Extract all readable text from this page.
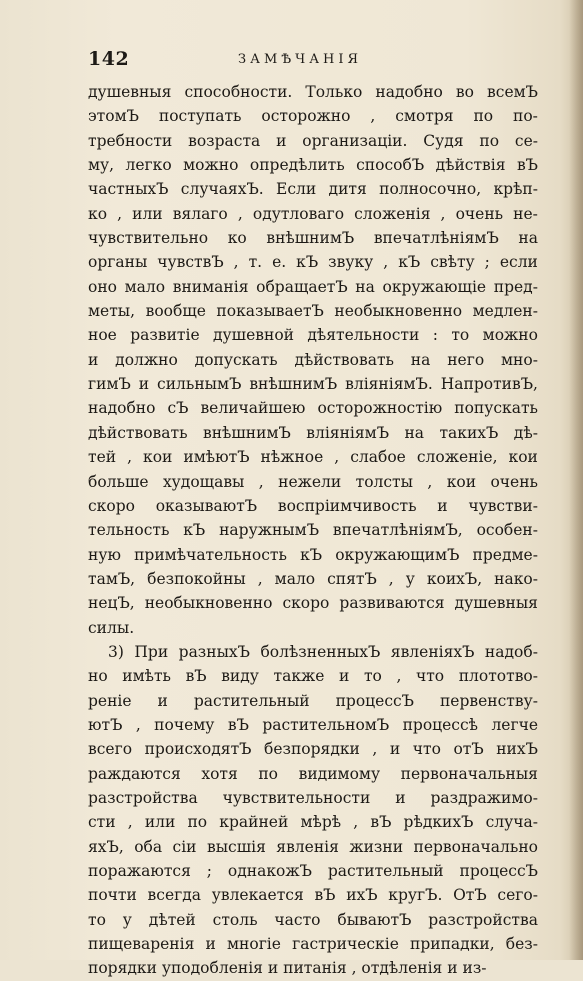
142	ЗАМѢЧАНІЯ
душевныя способности. Только надобно во всемЪ
этомЪ поступать осторожно , смотря по по-
требности возраста и организаціи. Судя по се-
му, легко можно опредѣлить способЪ дѣйствія вЪ
частныхЪ случаяхЪ. Если дитя полносочно, крѣп-
ко , или вялаго , одутловаго сложенія , очень не-
чувствительно ко внѣшнимЪ впечатлѣніямЪ на
органы чувствЪ , т. е. кЪ звуку , кЪ свѣту ; если
оно мало вниманія обращаетЪ на окружающіе пред-
меты, вообще показываетЪ необыкновенно медлен-
ное развитіе душевной дѣятельности : то можно
и должно допускать дѣйствовать на него мно-
гимЪ и сильнымЪ внѣшнимЪ вліяніямЪ. НапротивЪ,
надобно сЪ величайшею осторожностію попускать
дѣйствовать внѣшнимЪ вліяніямЪ на такихЪ дѣ-
тей , кои имѣютЪ нѣжное , слабое сложеніе, кои
больше худощавы , нежели толсты , кои очень
скоро оказываютЪ воспріимчивость и чувстви-
тельность кЪ наружнымЪ впечатлѣніямЪ, особен-
ную примѣчательность кЪ окружающимЪ предме-
тамЪ, безпокойны , мало спятЪ , у коихЪ, нако-
нецЪ, необыкновенно скоро развиваются душевныя
силы.
3) При разныхЪ болѣзненныхЪ явленіяхЪ надоб-
но имѣть вЪ виду также и то , что плототво-
реніе и растительный процессЪ первенству-
ютЪ , почему вЪ растительномЪ процессѣ легче
всего происходятЪ безпорядки , и что отЪ нихЪ
раждаются хотя по видимому первоначальныя
разстройства чувствительности и раздражимо-
сти , или по крайней мѣрѣ , вЪ рѣдкихЪ случа-
яхЪ, оба сіи высшія явленія жизни первоначально
поражаются ; однакожЪ растительный процессЪ
почти всегда увлекается вЪ ихЪ кругЪ. ОтЪ сего-
то у дѣтей столь часто бываютЪ разстройства
пищеваренія и многіе гастрическіе припадки, без-
порядки уподобленія и питанія , отдѣленія и из-
